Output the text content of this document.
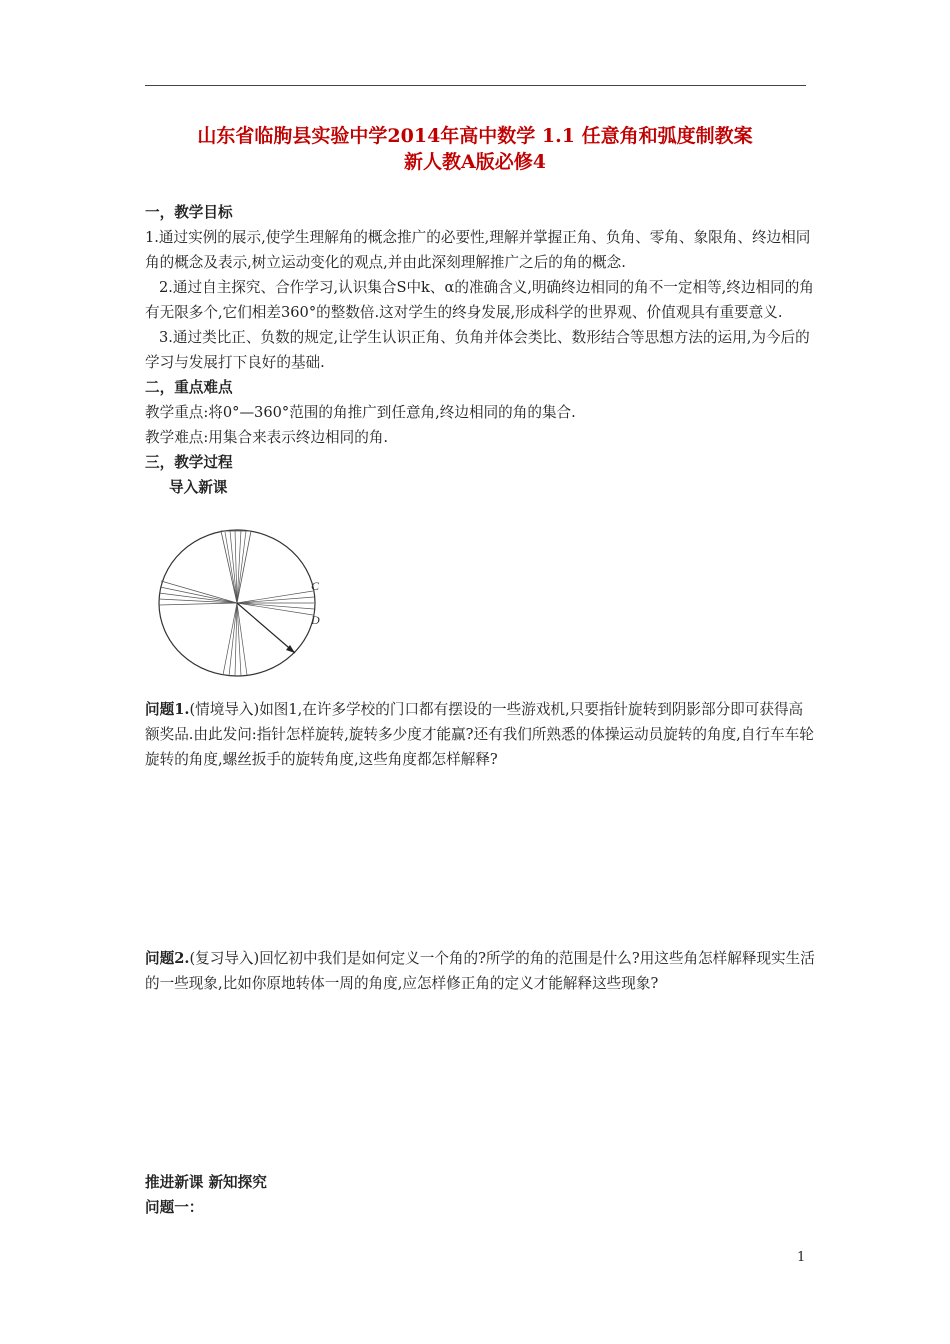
山东省临朐县实验中学2014年高中数学 1.1 任意角和弧度制教案
新人教A版必修4

一，教学目标

1.通过实例的展示,使学生理解角的概念推广的必要性,理解并掌握正角、负角、零角、象限角、终边相同角的概念及表示,树立运动变化的观点,并由此深刻理解推广之后的角的概念.

2.通过自主探究、合作学习,认识集合S中k、α的准确含义,明确终边相同的角不一定相等,终边相同的角有无限多个,它们相差360°的整数倍.这对学生的终身发展,形成科学的世界观、价值观具有重要意义.

3.通过类比正、负数的规定,让学生认识正角、负角并体会类比、数形结合等思想方法的运用,为今后的学习与发展打下良好的基础.

二，重点难点

教学重点:将0°—360°范围的角推广到任意角,终边相同的角的集合.

教学难点:用集合来表示终边相同的角.

三，教学过程

导入新课

C
D

问题1.(情境导入)如图1,在许多学校的门口都有摆设的一些游戏机,只要指针旋转到阴影部分即可获得高额奖品.由此发问:指针怎样旋转,旋转多少度才能赢?还有我们所熟悉的体操运动员旋转的角度,自行车车轮旋转的角度,螺丝扳手的旋转角度,这些角度都怎样解释?

问题2.(复习导入)回忆初中我们是如何定义一个角的?所学的角的范围是什么?用这些角怎样解释现实生活的一些现象,比如你原地转体一周的角度,应怎样修正角的定义才能解释这些现象?

推进新课 新知探究

问题一：

1
